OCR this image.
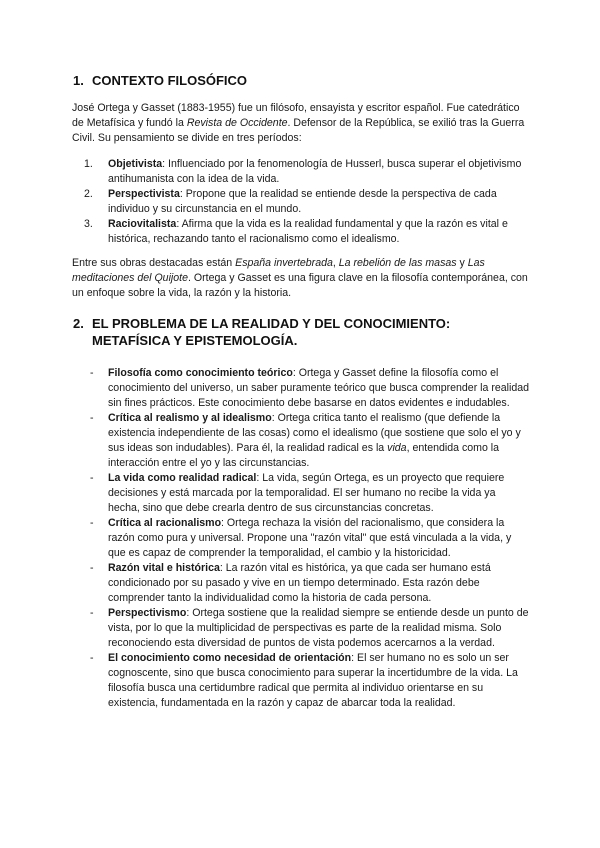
1. CONTEXTO FILOSÓFICO

José Ortega y Gasset (1883-1955) fue un filósofo, ensayista y escritor español. Fue catedrático de Metafísica y fundó la Revista de Occidente. Defensor de la República, se exilió tras la Guerra Civil. Su pensamiento se divide en tres períodos:

1. Objetivista: Influenciado por la fenomenología de Husserl, busca superar el objetivismo antihumanista con la idea de la vida.
2. Perspectivista: Propone que la realidad se entiende desde la perspectiva de cada individuo y su circunstancia en el mundo.
3. Raciovitalista: Afirma que la vida es la realidad fundamental y que la razón es vital e histórica, rechazando tanto el racionalismo como el idealismo.

Entre sus obras destacadas están España invertebrada, La rebelión de las masas y Las meditaciones del Quijote. Ortega y Gasset es una figura clave en la filosofía contemporánea, con un enfoque sobre la vida, la razón y la historia.

2. EL PROBLEMA DE LA REALIDAD Y DEL CONOCIMIENTO:
METAFÍSICA Y EPISTEMOLOGÍA.
- Filosofía como conocimiento teórico: Ortega y Gasset define la filosofía como el conocimiento del universo, un saber puramente teórico que busca comprender la realidad sin fines prácticos. Este conocimiento debe basarse en datos evidentes e indudables.
- Crítica al realismo y al idealismo: Ortega critica tanto el realismo (que defiende la existencia independiente de las cosas) como el idealismo (que sostiene que solo el yo y sus ideas son indudables). Para él, la realidad radical es la vida, entendida como la interacción entre el yo y las circunstancias.
- La vida como realidad radical: La vida, según Ortega, es un proyecto que requiere decisiones y está marcada por la temporalidad. El ser humano no recibe la vida ya hecha, sino que debe crearla dentro de sus circunstancias concretas.
- Crítica al racionalismo: Ortega rechaza la visión del racionalismo, que considera la razón como pura y universal. Propone una "razón vital" que está vinculada a la vida, y que es capaz de comprender la temporalidad, el cambio y la historicidad.
- Razón vital e histórica: La razón vital es histórica, ya que cada ser humano está condicionado por su pasado y vive en un tiempo determinado. Esta razón debe comprender tanto la individualidad como la historia de cada persona.
- Perspectivismo: Ortega sostiene que la realidad siempre se entiende desde un punto de vista, por lo que la multiplicidad de perspectivas es parte de la realidad misma. Solo reconociendo esta diversidad de puntos de vista podemos acercarnos a la verdad.
- El conocimiento como necesidad de orientación: El ser humano no es solo un ser cognoscente, sino que busca conocimiento para superar la incertidumbre de la vida. La filosofía busca una certidumbre radical que permita al individuo orientarse en su existencia, fundamentada en la razón y capaz de abarcar toda la realidad.
